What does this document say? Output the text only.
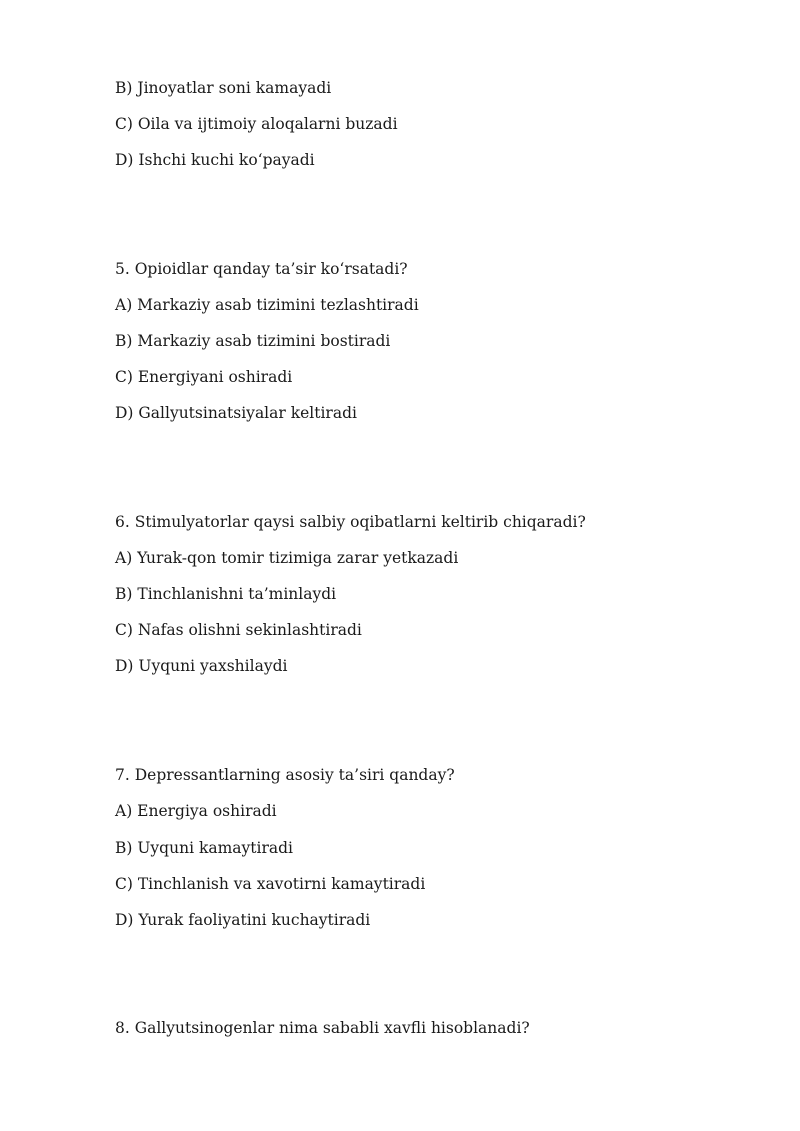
B) Jinoyatlar soni kamayadi
C) Oila va ijtimoiy aloqalarni buzadi
D) Ishchi kuchi ko‘payadi
5. Opioidlar qanday ta’sir ko‘rsatadi?
A) Markaziy asab tizimini tezlashtiradi
B) Markaziy asab tizimini bostiradi
C) Energiyani oshiradi
D) Gallyutsinatsiyalar keltiradi
6. Stimulyatorlar qaysi salbiy oqibatlarni keltirib chiqaradi?
A) Yurak-qon tomir tizimiga zarar yetkazadi
B) Tinchlanishni ta’minlaydi
C) Nafas olishni sekinlashtiradi
D) Uyquni yaxshilaydi
7. Depressantlarning asosiy ta’siri qanday?
A) Energiya oshiradi
B) Uyquni kamaytiradi
C) Tinchlanish va xavotirni kamaytiradi
D) Yurak faoliyatini kuchaytiradi
8. Gallyutsinogenlar nima sababli xavfli hisoblanadi?
